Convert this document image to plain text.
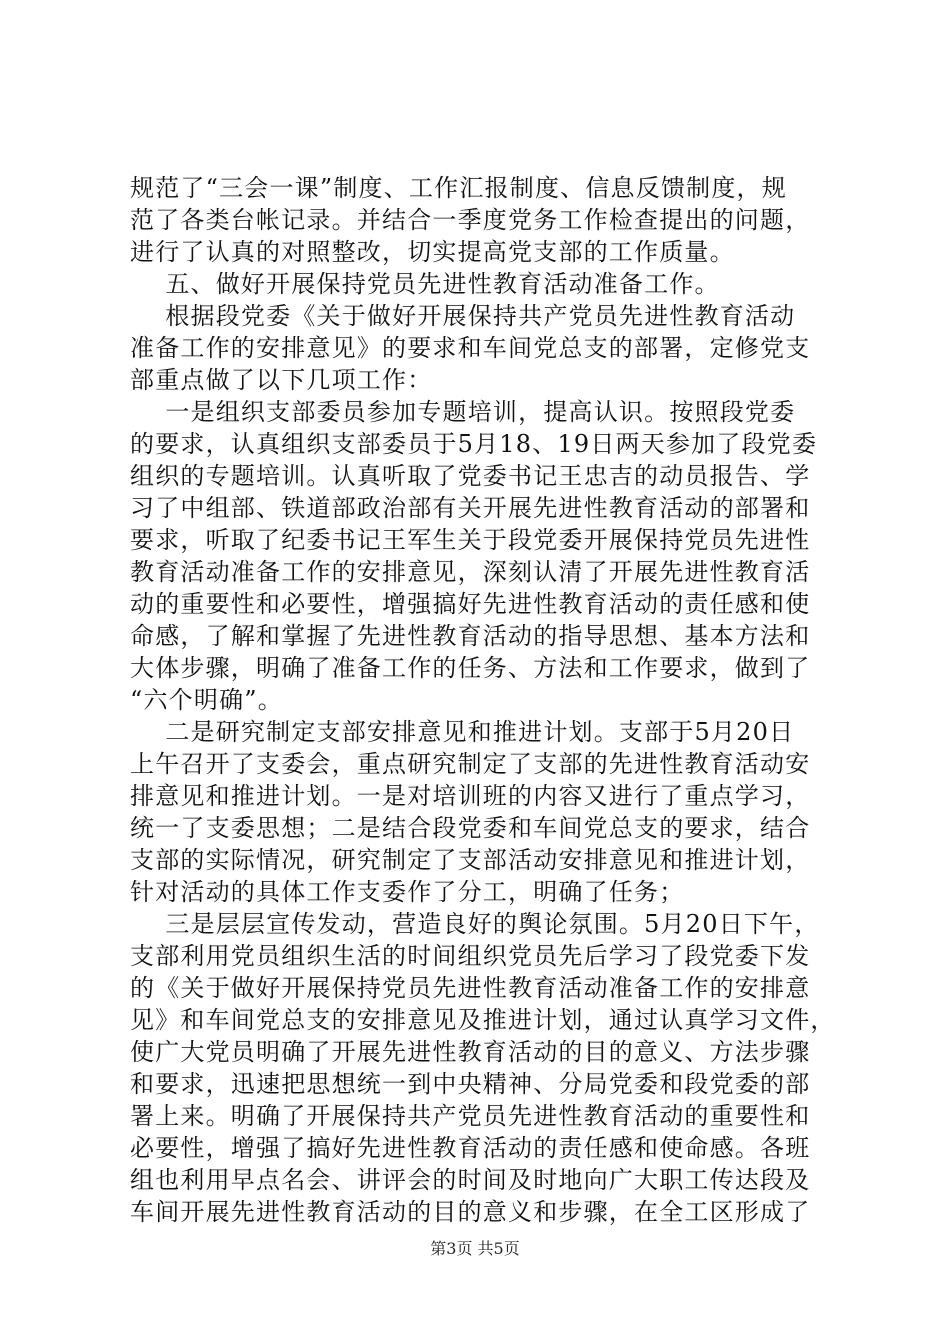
规范了“三会一课”制度、工作汇报制度、信息反馈制度，规
范了各类台帐记录。并结合一季度党务工作检查提出的问题，
进行了认真的对照整改，切实提高党支部的工作质量。
五、做好开展保持党员先进性教育活动准备工作。
根据段党委《关于做好开展保持共产党员先进性教育活动
准备工作的安排意见》的要求和车间党总支的部署，定修党支
部重点做了以下几项工作：
一是组织支部委员参加专题培训，提高认识。按照段党委
的要求，认真组织支部委员于5月18、19日两天参加了段党委
组织的专题培训。认真听取了党委书记王忠吉的动员报告、学
习了中组部、铁道部政治部有关开展先进性教育活动的部署和
要求，听取了纪委书记王军生关于段党委开展保持党员先进性
教育活动准备工作的安排意见，深刻认清了开展先进性教育活
动的重要性和必要性，增强搞好先进性教育活动的责任感和使
命感，了解和掌握了先进性教育活动的指导思想、基本方法和
大体步骤，明确了准备工作的任务、方法和工作要求，做到了
“六个明确”。
二是研究制定支部安排意见和推进计划。支部于5月20日
上午召开了支委会，重点研究制定了支部的先进性教育活动安
排意见和推进计划。一是对培训班的内容又进行了重点学习，
统一了支委思想；二是结合段党委和车间党总支的要求，结合
支部的实际情况，研究制定了支部活动安排意见和推进计划，
针对活动的具体工作支委作了分工，明确了任务；
三是层层宣传发动，营造良好的舆论氛围。5月20日下午，
支部利用党员组织生活的时间组织党员先后学习了段党委下发
的《关于做好开展保持党员先进性教育活动准备工作的安排意
见》和车间党总支的安排意见及推进计划，通过认真学习文件，
使广大党员明确了开展先进性教育活动的目的意义、方法步骤
和要求，迅速把思想统一到中央精神、分局党委和段党委的部
署上来。明确了开展保持共产党员先进性教育活动的重要性和
必要性，增强了搞好先进性教育活动的责任感和使命感。各班
组也利用早点名会、讲评会的时间及时地向广大职工传达段及
车间开展先进性教育活动的目的意义和步骤，在全工区形成了
第3页 共5页
